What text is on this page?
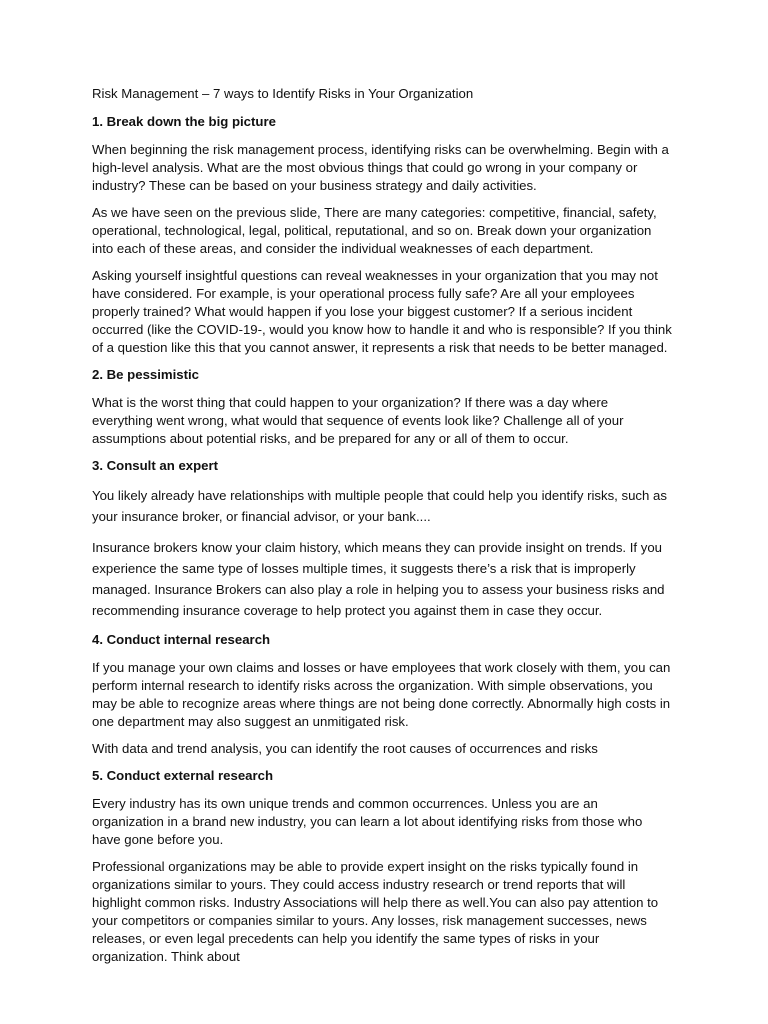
Risk Management – 7 ways to Identify Risks in Your Organization
1. Break down the big picture

When beginning the risk management process, identifying risks can be overwhelming. Begin with a high-level analysis. What are the most obvious things that could go wrong in your company or industry? These can be based on your business strategy and daily activities.

As we have seen on the previous slide, There are many categories: competitive, financial, safety, operational, technological, legal, political, reputational, and so on. Break down your organization into each of these areas, and consider the individual weaknesses of each department.

Asking yourself insightful questions can reveal weaknesses in your organization that you may not have considered. For example, is your operational process fully safe? Are all your employees properly trained? What would happen if you lose your biggest customer? If a serious incident occurred (like the COVID-19-, would you know how to handle it and who is responsible? If you think of a question like this that you cannot answer, it represents a risk that needs to be better managed.

2. Be pessimistic

What is the worst thing that could happen to your organization? If there was a day where everything went wrong, what would that sequence of events look like? Challenge all of your assumptions about potential risks, and be prepared for any or all of them to occur.

3. Consult an expert

You likely already have relationships with multiple people that could help you identify risks, such as your insurance broker, or financial advisor, or your bank....

Insurance brokers know your claim history, which means they can provide insight on trends. If you experience the same type of losses multiple times, it suggests there’s a risk that is improperly managed. Insurance Brokers can also play a role in helping you to assess your business risks and recommending insurance coverage to help protect you against them in case they occur.

4. Conduct internal research

If you manage your own claims and losses or have employees that work closely with them, you can perform internal research to identify risks across the organization. With simple observations, you may be able to recognize areas where things are not being done correctly. Abnormally high costs in one department may also suggest an unmitigated risk.

With data and trend analysis, you can identify the root causes of occurrences and risks

5. Conduct external research

Every industry has its own unique trends and common occurrences. Unless you are an organization in a brand new industry, you can learn a lot about identifying risks from those who have gone before you.

Professional organizations may be able to provide expert insight on the risks typically found in organizations similar to yours. They could access industry research or trend reports that will highlight common risks. Industry Associations will help there as well.You can also pay attention to your competitors or companies similar to yours. Any losses, risk management successes, news releases, or even legal precedents can help you identify the same types of risks in your organization. Think about
